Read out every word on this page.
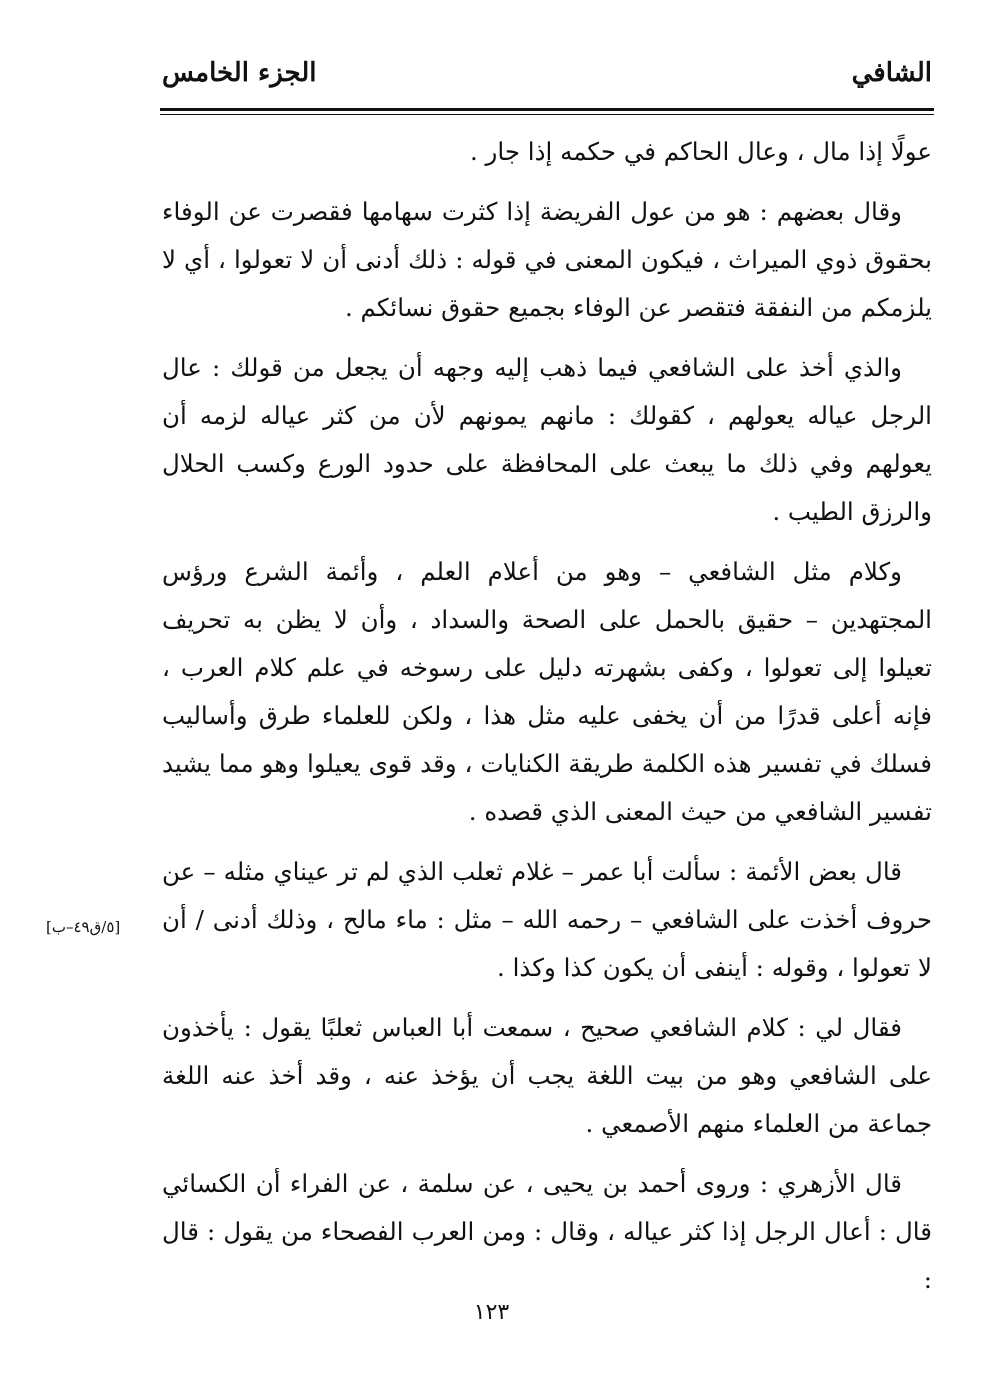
الشافي
الجزء الخامس

عولًا إذا مال ، وعال الحاكم في حكمه إذا جار .

وقال بعضهم : هو من عول الفريضة إذا كثرت سهامها فقصرت عن الوفاء بحقوق ذوي الميراث ، فيكون المعنى في قوله : ذلك أدنى أن لا تعولوا ، أي لا يلزمكم من النفقة فتقصر عن الوفاء بجميع حقوق نسائكم .

والذي أخذ على الشافعي فيما ذهب إليه وجهه أن يجعل من قولك : عال الرجل عياله يعولهم ، كقولك : مانهم يمونهم لأن من كثر عياله لزمه أن يعولهم وفي ذلك ما يبعث على المحافظة على حدود الورع وكسب الحلال والرزق الطيب .

وكلام مثل الشافعي – وهو من أعلام العلم ، وأئمة الشرع ورؤس المجتهدين – حقيق بالحمل على الصحة والسداد ، وأن لا يظن به تحريف تعيلوا إلى تعولوا ، وكفى بشهرته دليل على رسوخه في علم كلام العرب ، فإنه أعلى قدرًا من أن يخفى عليه مثل هذا ، ولكن للعلماء طرق وأساليب فسلك في تفسير هذه الكلمة طريقة الكنايات ، وقد قوى يعيلوا وهو مما يشيد تفسير الشافعي من حيث المعنى الذي قصده .

قال بعض الأئمة : سألت أبا عمر – غلام ثعلب الذي لم تر عيناي مثله – عن حروف أخذت على الشافعي – رحمه الله – مثل : ماء مالح ، وذلك أدنى / أن لا تعولوا ، وقوله : أينفى أن يكون كذا وكذا .

فقال لي : كلام الشافعي صحيح ، سمعت أبا العباس ثعلبًا يقول : يأخذون على الشافعي وهو من بيت اللغة يجب أن يؤخذ عنه ، وقد أخذ عنه اللغة جماعة من العلماء منهم الأصمعي .

قال الأزهري : وروى أحمد بن يحيى ، عن سلمة ، عن الفراء أن الكسائي قال : أعال الرجل إذا كثر عياله ، وقال : ومن العرب الفصحاء من يقول : قال :

[٥/ق٤٩–ب]
١٢٣
